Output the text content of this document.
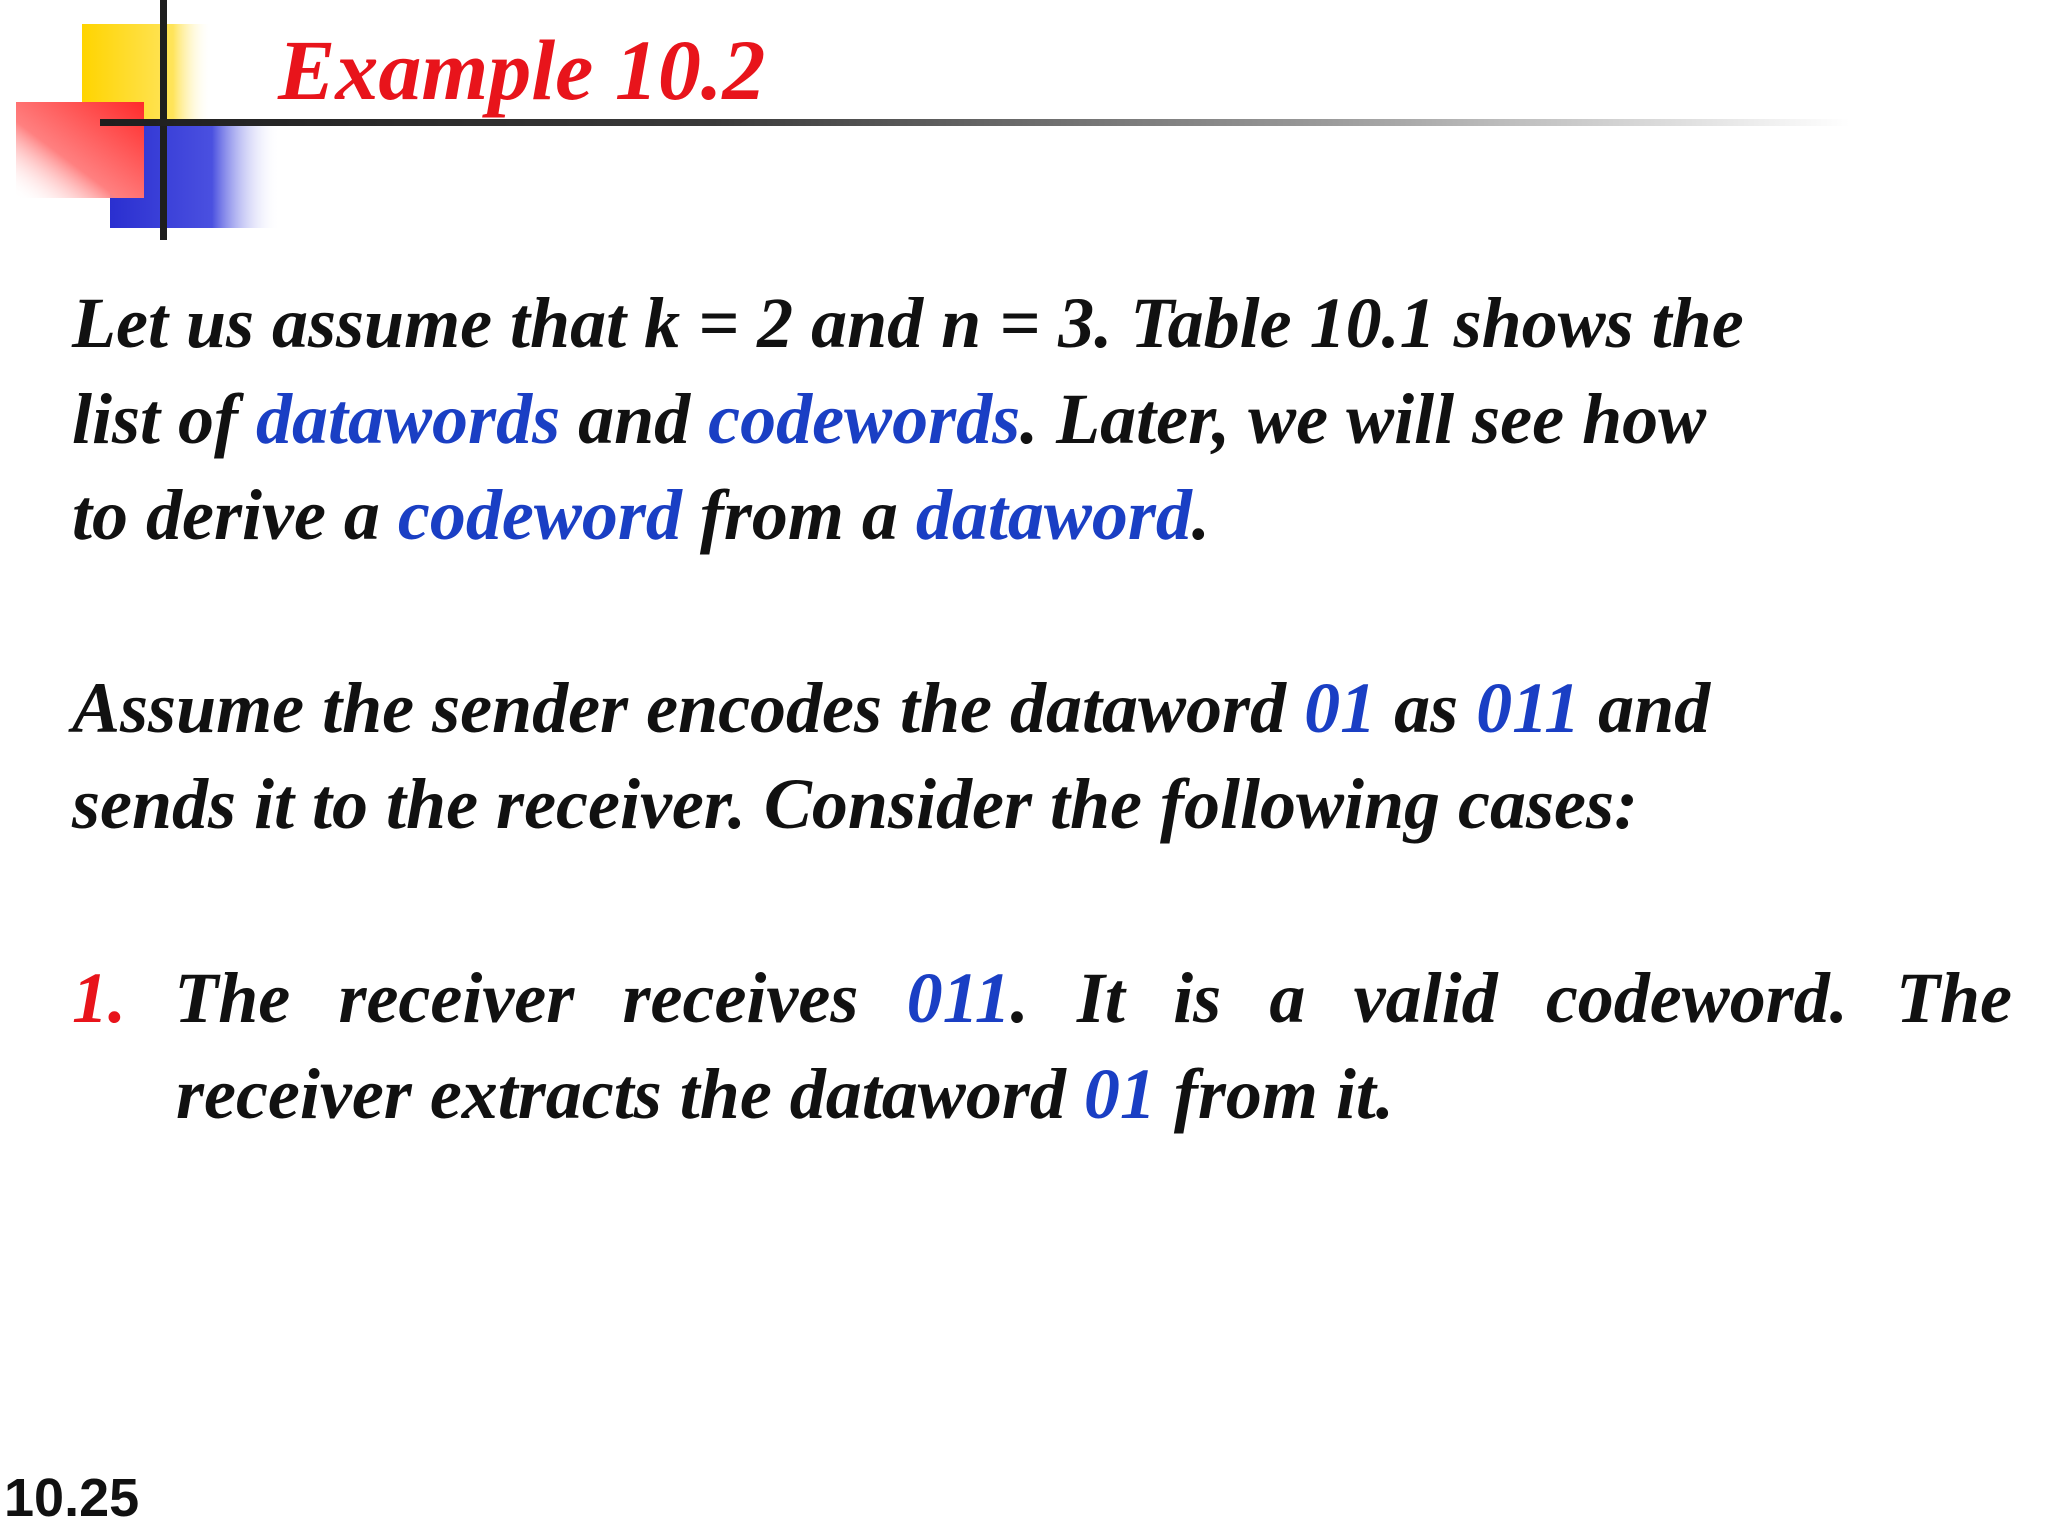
Example 10.2
Let us assume that k = 2 and n = 3. Table 10.1 shows the
list of datawords and codewords. Later, we will see how
to derive a codeword from a dataword.
Assume the sender encodes the dataword 01 as 011 and
sends it to the receiver. Consider the following cases:
1. The receiver receives 011. It is a valid codeword. The
receiver extracts the dataword 01 from it.
10.25
